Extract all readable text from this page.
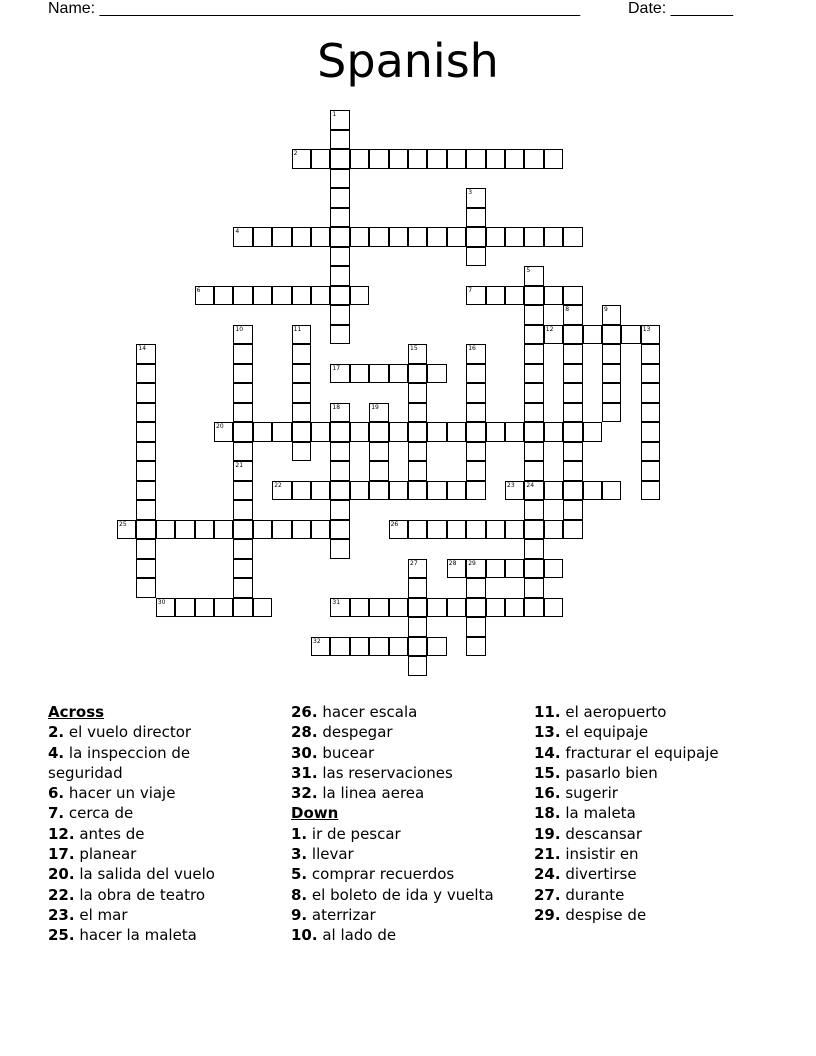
Name: ______________________________________________________	Date: _______
Spanish
1
2
3
4
5
6	7
8	9
10	11	12	13
14	15	16
17
18	19
20
21
22	23 24
25	26
27	28 29
30	31
32
Across
2. el vuelo director
4. la inspeccion de
seguridad
6. hacer un viaje
7. cerca de
12. antes de
17. planear
20. la salida del vuelo
22. la obra de teatro
23. el mar
25. hacer la maleta
26. hacer escala
28. despegar
30. bucear
31. las reservaciones
32. la linea aerea
Down
1. ir de pescar
3. llevar
5. comprar recuerdos
8. el boleto de ida y vuelta
9. aterrizar
10. al lado de
11. el aeropuerto
13. el equipaje
14. fracturar el equipaje
15. pasarlo bien
16. sugerir
18. la maleta
19. descansar
21. insistir en
24. divertirse
27. durante
29. despise de
